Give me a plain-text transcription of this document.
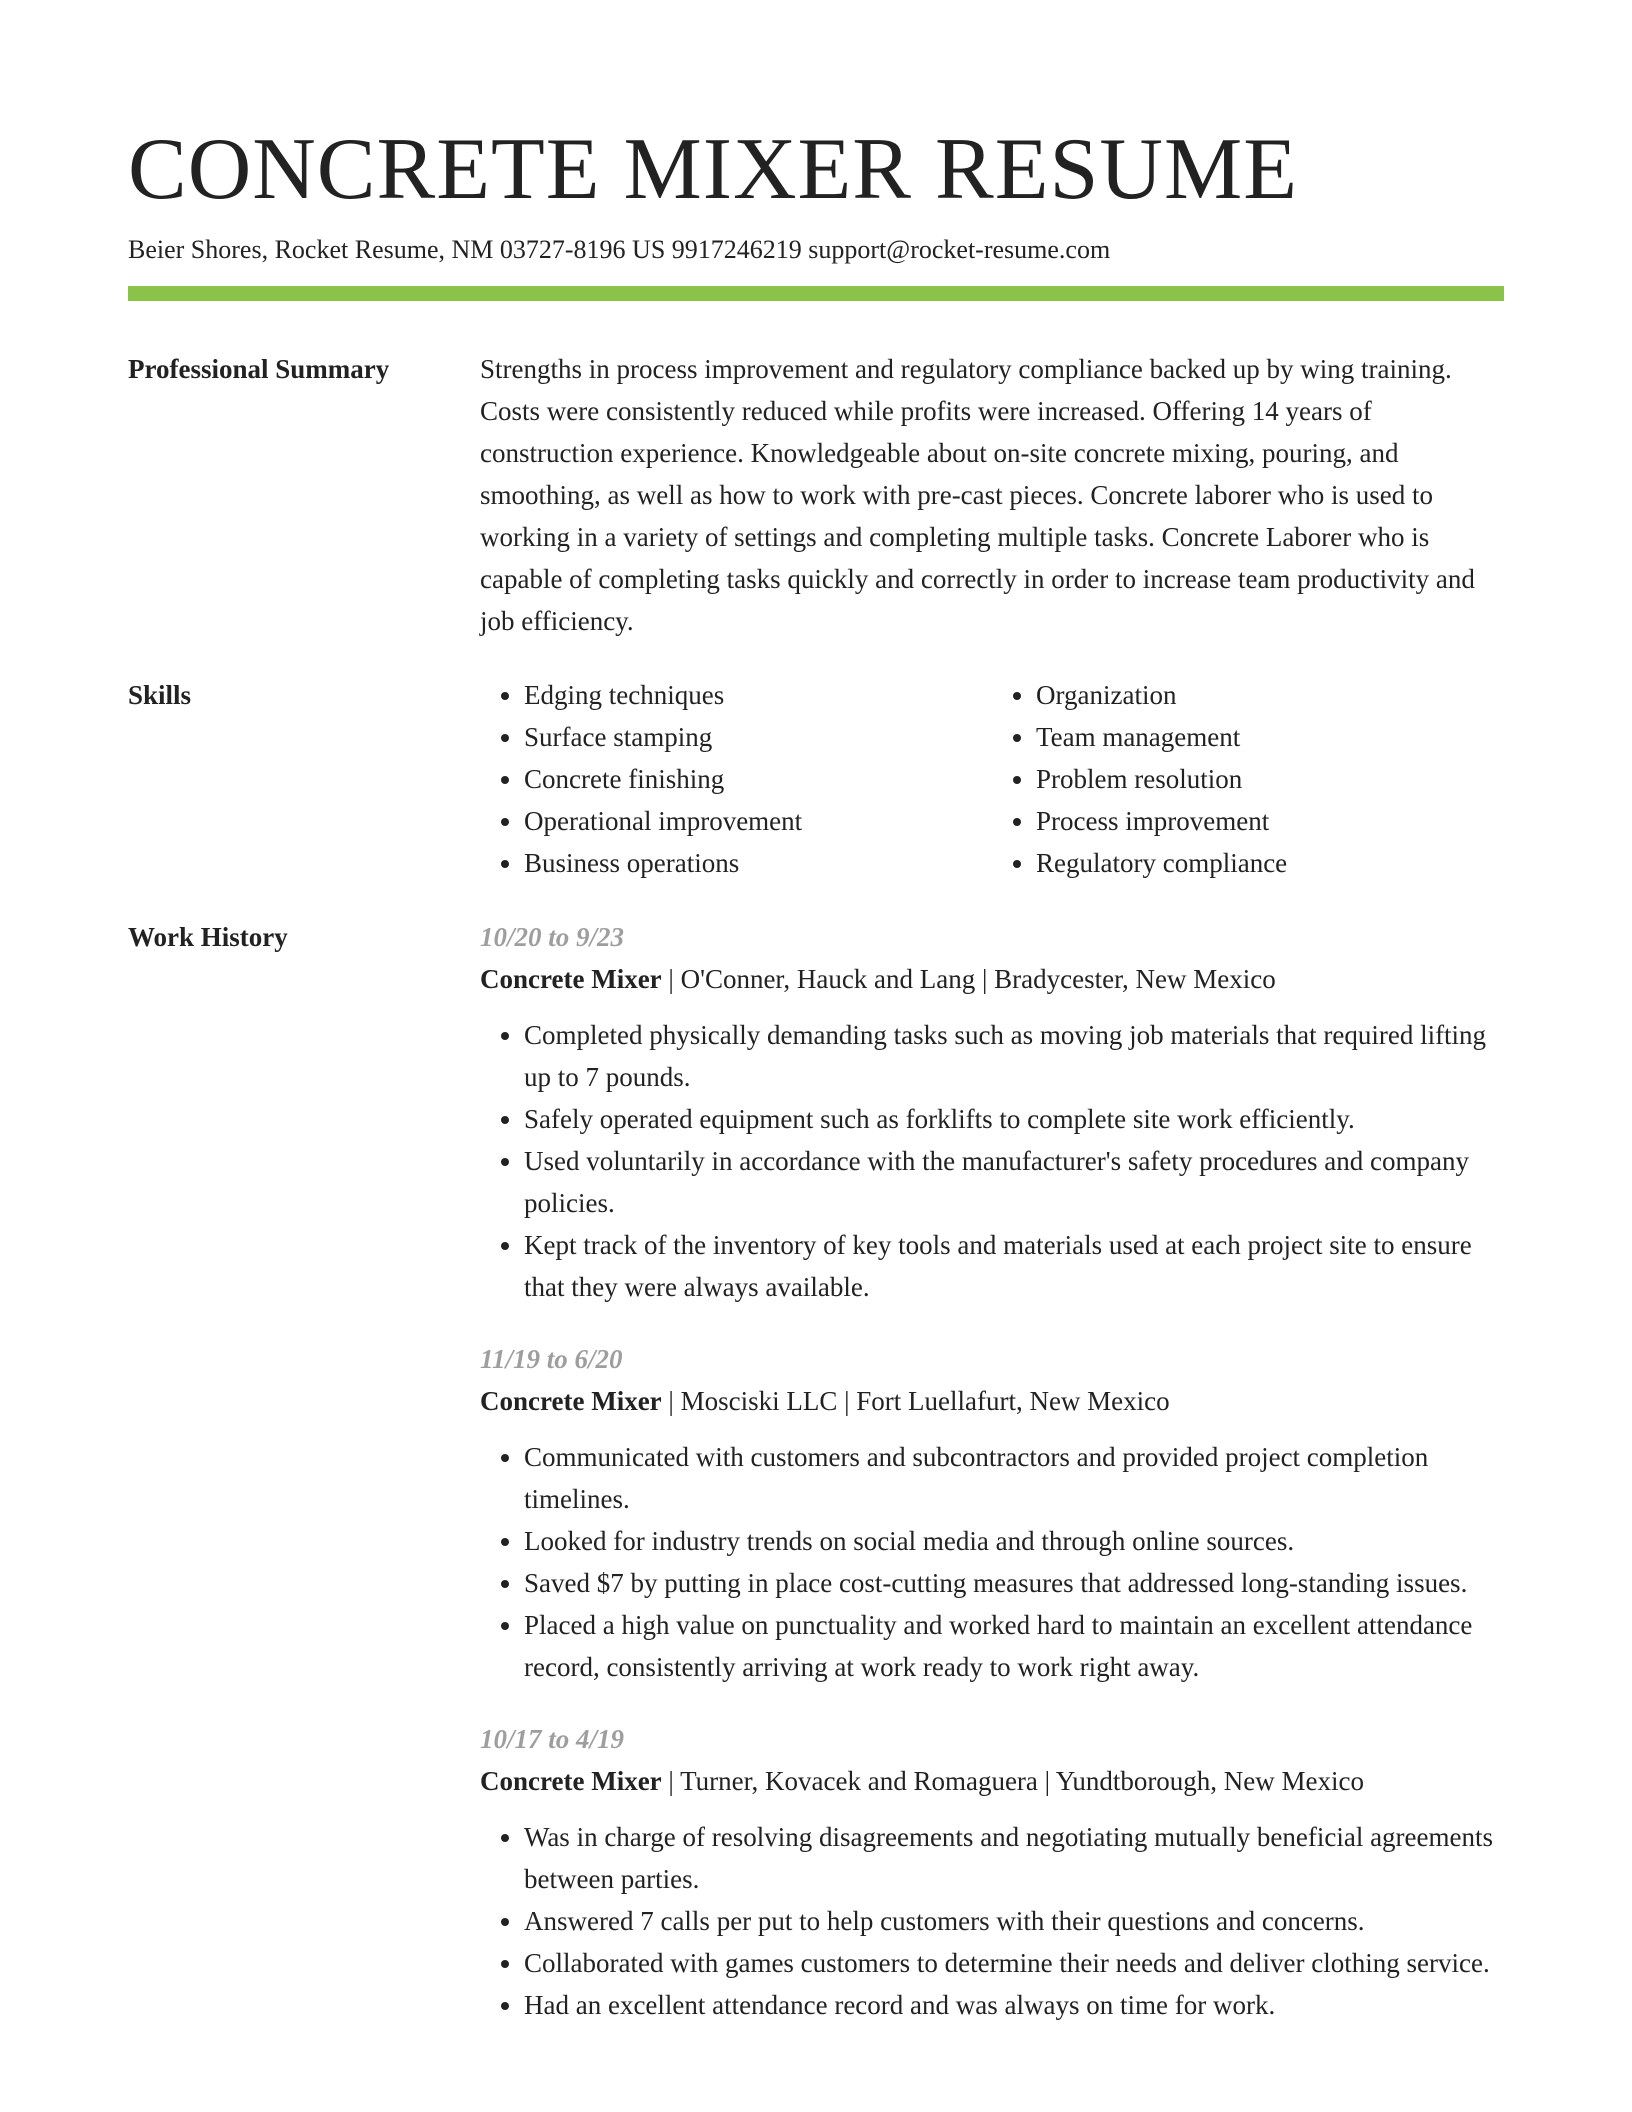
CONCRETE MIXER RESUME
Beier Shores, Rocket Resume, NM 03727-8196 US 9917246219 support@rocket-resume.com
Professional Summary	Strengths in process improvement and regulatory compliance backed up by wing training. Costs were consistently reduced while profits were increased. Offering 14 years of construction experience. Knowledgeable about on-site concrete mixing, pouring, and smoothing, as well as how to work with pre-cast pieces. Concrete laborer who is used to working in a variety of settings and completing multiple tasks. Concrete Laborer who is capable of completing tasks quickly and correctly in order to increase team productivity and job efficiency.

Skills
•	Edging techniques
• Surface stamping
• Concrete finishing
• Operational improvement
• Business operations
• Organization
• Team management
• Problem resolution
• Process improvement
• Regulatory compliance
Work History	10/20 to 9/23

Concrete Mixer | O'Conner, Hauck and Lang | Bradycester, New Mexico

• Completed physically demanding tasks such as moving job materials that required lifting up to 7 pounds.
• Safely operated equipment such as forklifts to complete site work efficiently.
• Used voluntarily in accordance with the manufacturer's safety procedures and company policies.
• Kept track of the inventory of key tools and materials used at each project site to ensure that they were always available.
11/19 to 6/20

Concrete Mixer | Mosciski LLC | Fort Luellafurt, New Mexico

• Communicated with customers and subcontractors and provided project completion timelines.
• Looked for industry trends on social media and through online sources.
• Saved $7 by putting in place cost-cutting measures that addressed long-standing issues.
• Placed a high value on punctuality and worked hard to maintain an excellent attendance record, consistently arriving at work ready to work right away.
10/17 to 4/19

Concrete Mixer | Turner, Kovacek and Romaguera | Yundtborough, New Mexico

• Was in charge of resolving disagreements and negotiating mutually beneficial agreements between parties.
• Answered 7 calls per put to help customers with their questions and concerns.
• Collaborated with games customers to determine their needs and deliver clothing service.
• Had an excellent attendance record and was always on time for work.
